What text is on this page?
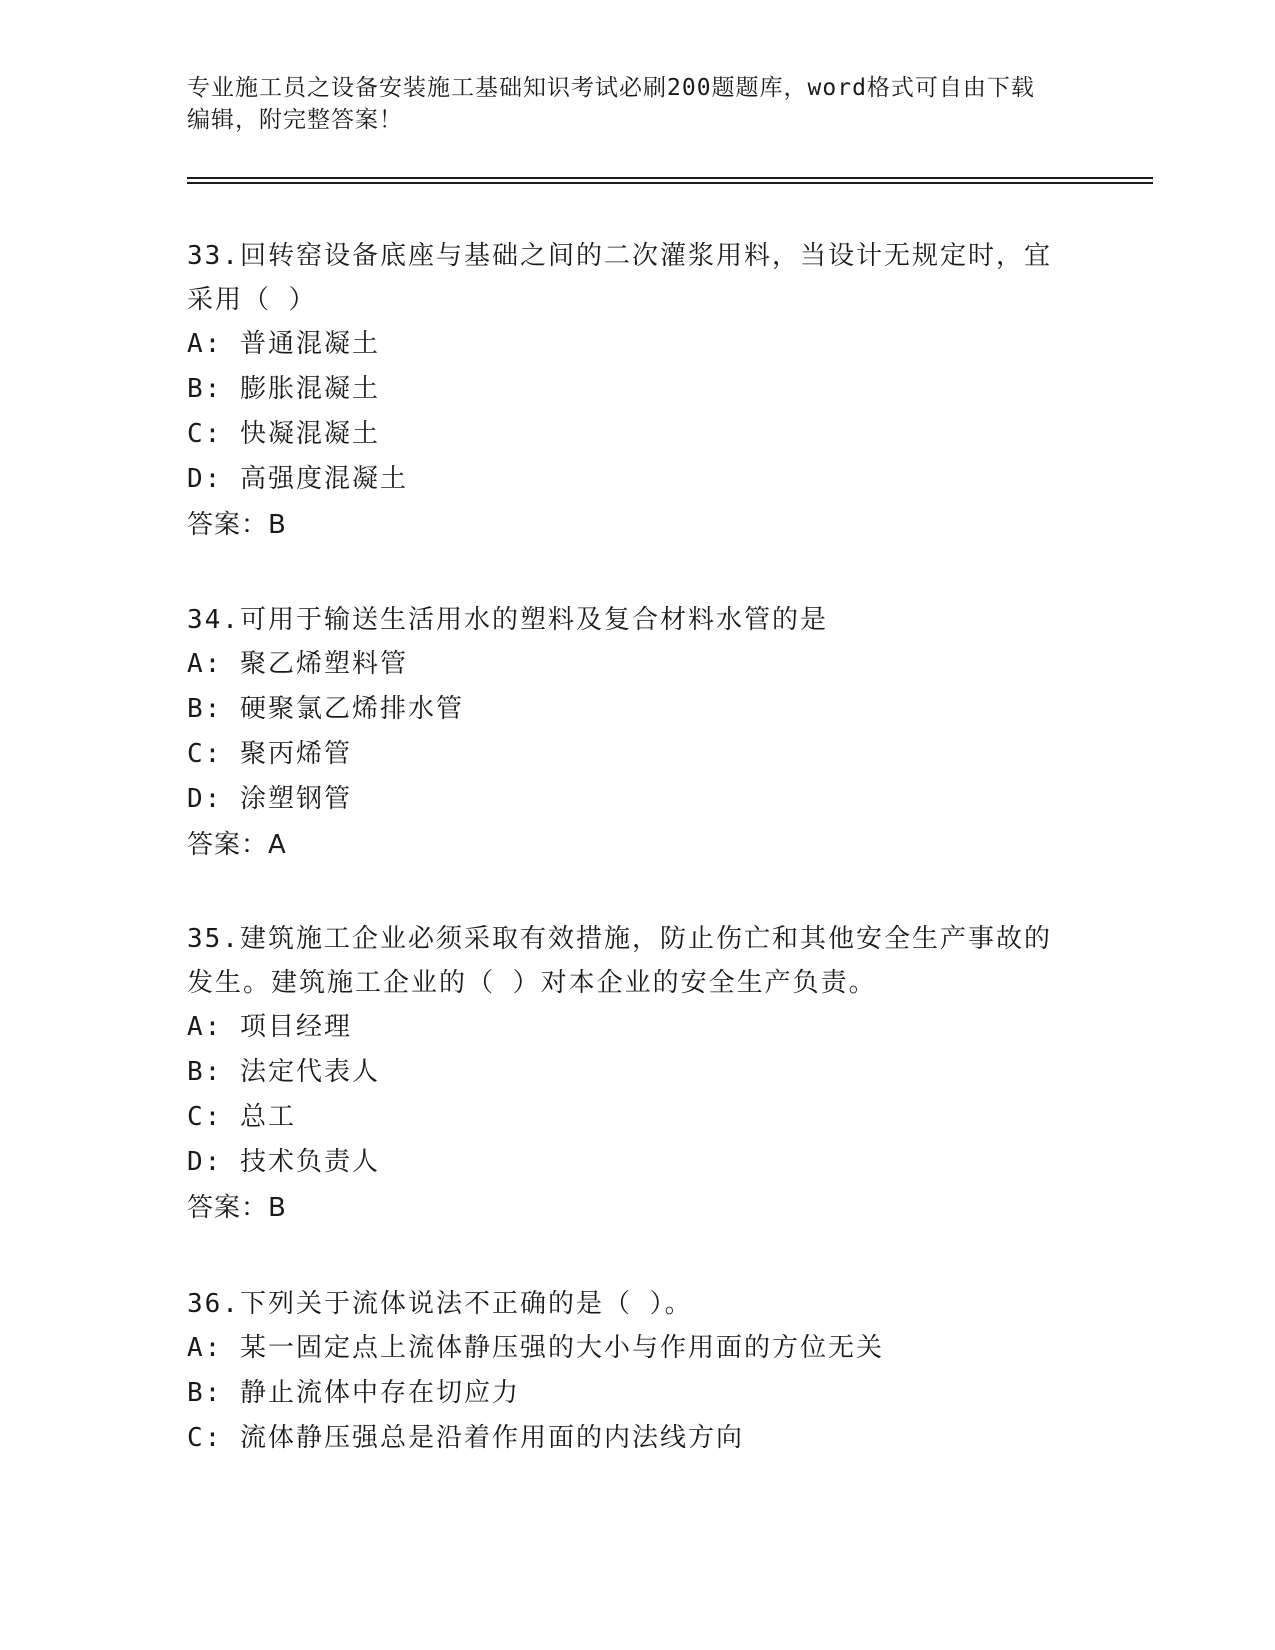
专业施工员之设备安装施工基础知识考试必刷200题题库，word格式可自由下载
编辑，附完整答案！
33.回转窑设备底座与基础之间的二次灌浆用料，当设计无规定时，宜
采用（ ）
A: 普通混凝土
B: 膨胀混凝土
C: 快凝混凝土
D: 高强度混凝土
答案：B
34.可用于输送生活用水的塑料及复合材料水管的是
A: 聚乙烯塑料管
B: 硬聚氯乙烯排水管
C: 聚丙烯管
D: 涂塑钢管
答案：A
35.建筑施工企业必须采取有效措施，防止伤亡和其他安全生产事故的
发生。建筑施工企业的（ ）对本企业的安全生产负责。
A: 项目经理
B: 法定代表人
C: 总工
D: 技术负责人
答案：B
36.下列关于流体说法不正确的是（ ）。
A: 某一固定点上流体静压强的大小与作用面的方位无关
B: 静止流体中存在切应力
C: 流体静压强总是沿着作用面的内法线方向
